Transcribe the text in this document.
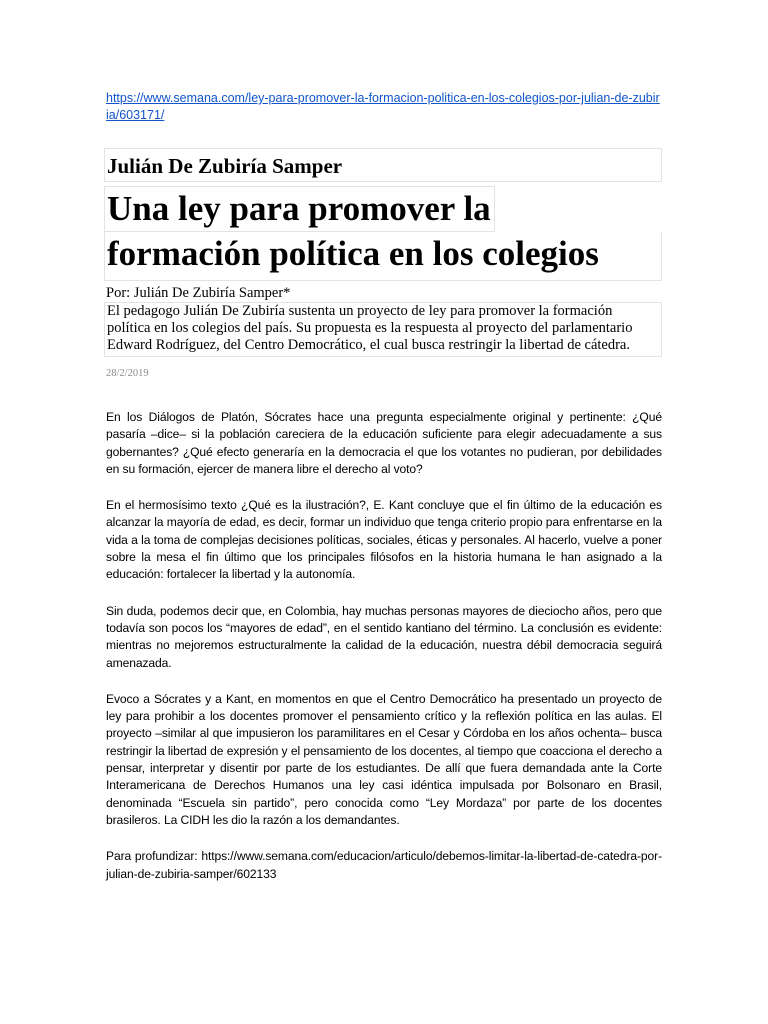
https://www.semana.com/ley-para-promover-la-formacion-politica-en-los-colegios-por-julian-de-zubiria/603171/
Julián De Zubiría Samper
Una ley para promover la
formación política en los colegios

Por: Julián De Zubiría Samper*

El pedagogo Julián De Zubiría sustenta un proyecto de ley para promover la formación política en los colegios del país. Su propuesta es la respuesta al proyecto del parlamentario Edward Rodríguez, del Centro Democrático, el cual busca restringir la libertad de cátedra.

28/2/2019

En los Diálogos de Platón, Sócrates hace una pregunta especialmente original y pertinente: ¿Qué pasaría –dice– si la población careciera de la educación suficiente para elegir adecuadamente a sus gobernantes? ¿Qué efecto generaría en la democracia el que los votantes no pudieran, por debilidades en su formación, ejercer de manera libre el derecho al voto?

En el hermosísimo texto ¿Qué es la ilustración?, E. Kant concluye que el fin último de la educación es alcanzar la mayoría de edad, es decir, formar un individuo que tenga criterio propio para enfrentarse en la vida a la toma de complejas decisiones políticas, sociales, éticas y personales. Al hacerlo, vuelve a poner sobre la mesa el fin último que los principales filósofos en la historia humana le han asignado a la educación: fortalecer la libertad y la autonomía.

Sin duda, podemos decir que, en Colombia, hay muchas personas mayores de dieciocho años, pero que todavía son pocos los “mayores de edad”, en el sentido kantiano del término. La conclusión es evidente: mientras no mejoremos estructuralmente la calidad de la educación, nuestra débil democracia seguirá amenazada.

Evoco a Sócrates y a Kant, en momentos en que el Centro Democrático ha presentado un proyecto de ley para prohibir a los docentes promover el pensamiento crítico y la reflexión política en las aulas. El proyecto –similar al que impusieron los paramilitares en el Cesar y Córdoba en los años ochenta– busca restringir la libertad de expresión y el pensamiento de los docentes, al tiempo que coacciona el derecho a pensar, interpretar y disentir por parte de los estudiantes. De allí que fuera demandada ante la Corte Interamericana de Derechos Humanos una ley casi idéntica impulsada por Bolsonaro en Brasil, denominada “Escuela sin partido”, pero conocida como “Ley Mordaza” por parte de los docentes brasileros. La CIDH les dio la razón a los demandantes.

Para profundizar: https://www.semana.com/educacion/articulo/debemos-limitar-la-libertad-de-catedra-por-julian-de-zubiria-samper/602133
